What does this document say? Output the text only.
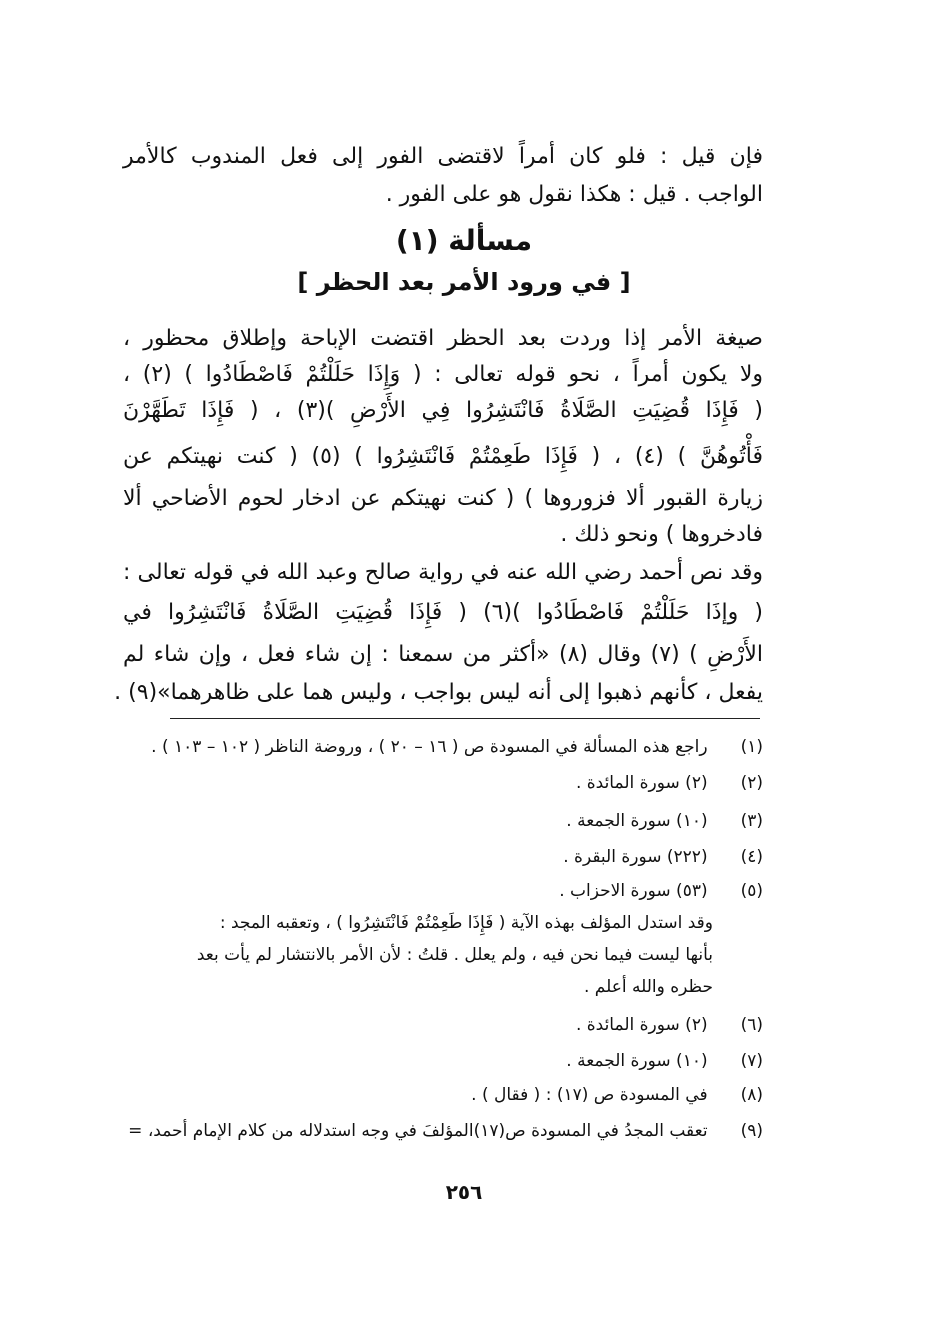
فإن قيل : فلو كان أمراً لاقتضى الفور إلى فعل المندوب كالأمر
الواجب . قيل : هكذا نقول هو على الفور .
مسألة (١)
[ في ورود الأمر بعد الحظر ]
صيغة الأمر إذا وردت بعد الحظر اقتضت الإباحة وإطلاق محظور ،
ولا يكون أمراً ، نحو قوله تعالى : ( وَإِذَا حَلَلْتُمْ فَاصْطَادُوا ) (٢) ،
( فَإِذَا قُضِيَتِ الصَّلَاةُ فَانْتَشِرُوا فِي الأَرْضِ )(٣) ، ( فَإِذَا تَطَهَّرْنَ
فَأْتُوهُنَّ ) (٤) ، ( فَإِذَا طَعِمْتُمْ فَانْتَشِرُوا ) (٥) ( كنت نهيتكم عن
زيارة القبور ألا فزوروها ) ( كنت نهيتكم عن ادخار لحوم الأضاحي ألا
فادخروها ) ونحو ذلك .
وقد نص أحمد رضي الله عنه في رواية صالح وعبد الله في قوله تعالى :
( وإذَا حَلَلْتُمْ فَاصْطَادُوا )(٦) ( فَإِذَا قُضِيَتِ الصَّلَاةُ فَانْتَشِرُوا في
الأَرْضِ ) (٧) وقال (٨) «أكثر من سمعنا : إن شاء فعل ، وإن شاء لم
يفعل ، كأنهم ذهبوا إلى أنه ليس بواجب ، وليس هما على ظاهرهما»(٩) .
(١) راجع هذه المسألة في المسودة ص ( ١٦ – ٢٠ ) ، وروضة الناظر ( ١٠٢ – ١٠٣ ) .
(٢) (٢) سورة المائدة .
(٣) (١٠) سورة الجمعة .
(٤) (٢٢٢) سورة البقرة .
(٥) (٥٣) سورة الاحزاب .
وقد استدل المؤلف بهذه الآية ( فَإِذَا طَعِمْتُمْ فَانْتَشِرُوا ) ، وتعقبه المجد :
بأنها ليست فيما نحن فيه ، ولم يعلل . قلتُ : لأن الأمر بالانتشار لم يأت بعد
حظره والله أعلم .
(٦) (٢) سورة المائدة .
(٧) (١٠) سورة الجمعة .
(٨) في المسودة ص (١٧) : ( فقال ) .
(٩) تعقب المجدُ في المسودة ص(١٧)المؤلفَ في وجه استدلاله من كلام الإمام أحمد، =
٢٥٦
